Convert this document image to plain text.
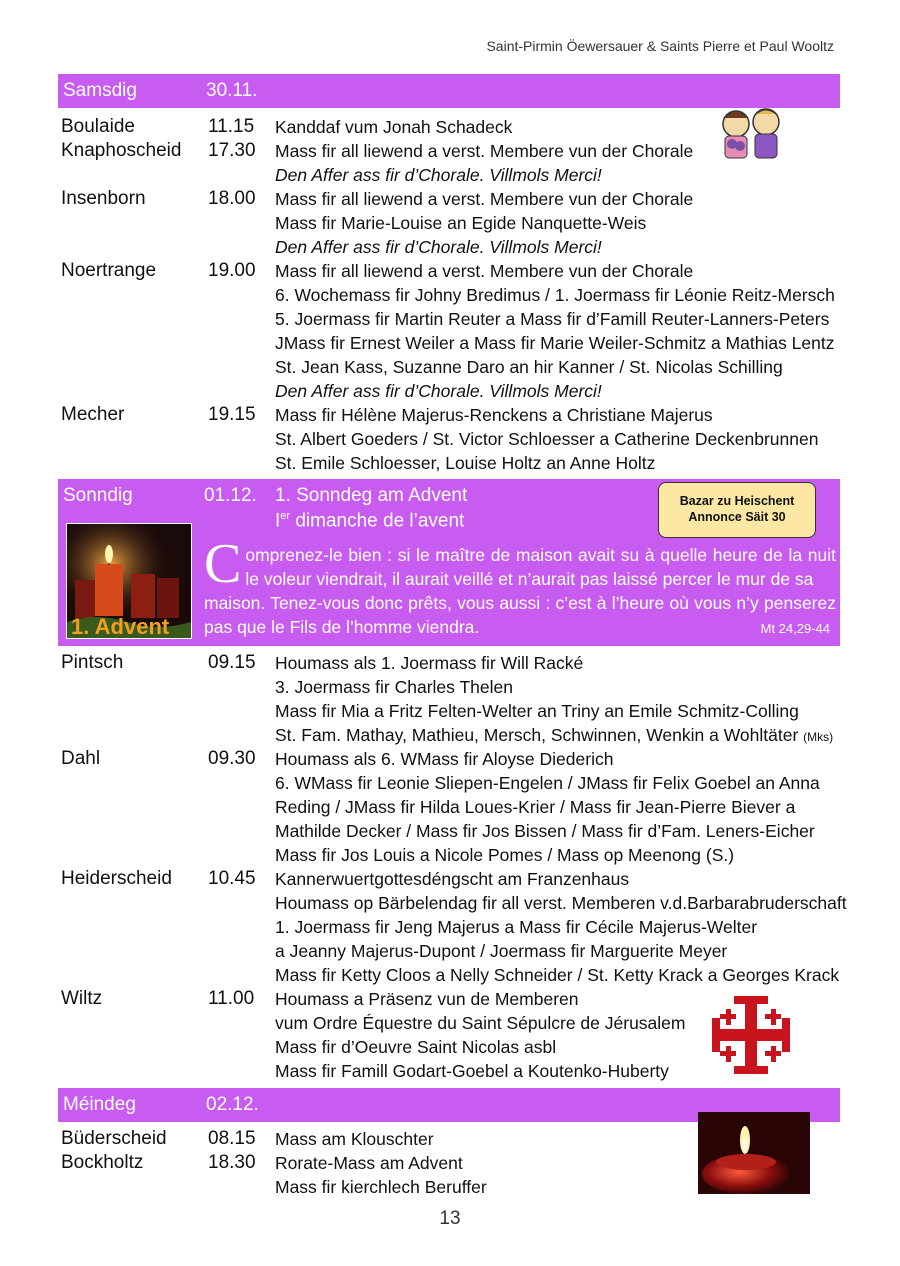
Saint-Pirmin Öewersauer & Saints Pierre et Paul Wooltz
Samsdig	30.11.
Boulaide	11.15 Kanddaf vum Jonah Schadeck
Knaphoscheid 17.30 Mass fir all liewend a verst. Membere vun der Chorale
Den Affer ass fir d’Chorale. Villmols Merci!
Insenborn	18.00 Mass fir all liewend a verst. Membere vun der Chorale
Mass fir Marie-Louise an Egide Nanquette-Weis
Den Affer ass fir d’Chorale. Villmols Merci!
Noertrange	19.00 Mass fir all liewend a verst. Membere vun der Chorale
6. Wochemass fir Johny Bredimus / 1. Joermass fir Léonie Reitz-Mersch
5. Joermass fir Martin Reuter a Mass fir d’Famill Reuter-Lanners-Peters
JMass fir Ernest Weiler a Mass fir Marie Weiler-Schmitz a Mathias Lentz
St. Jean Kass, Suzanne Daro an hir Kanner / St. Nicolas Schilling
Den Affer ass fir d’Chorale. Villmols Merci!
Mecher	19.15 Mass fir Hélène Majerus-Renckens a Christiane Majerus
St. Albert Goeders / St. Victor Schloesser a Catherine Deckenbrunnen
St. Emile Schloesser, Louise Holtz an Anne Holtz
Sonndig	01.12. 1. Sonndeg am Advent
Ier dimanche de l’avent
Bazar zu Heischent
Annonce Säit 30
1. Advent
Comprenez-le bien : si le maître de maison avait su à quelle heure de la nuit le voleur viendrait, il aurait veillé et n’aurait pas laissé percer le mur de sa
maison. Tenez-vous donc prêts, vous aussi : c’est à l’heure où vous n’y penserez pas que le Fils de l’homme viendra.	Mt 24,29-44
Pintsch	09.15 Houmass als 1. Joermass fir Will Racké
3. Joermass fir Charles Thelen
Mass fir Mia a Fritz Felten-Welter an Triny an Emile Schmitz-Colling
St. Fam. Mathay, Mathieu, Mersch, Schwinnen, Wenkin a Wohltäter (Mks)
Dahl	09.30 Houmass als 6. WMass fir Aloyse Diederich
6. WMass fir Leonie Sliepen-Engelen / JMass fir Felix Goebel an Anna
Reding / JMass fir Hilda Loues-Krier / Mass fir Jean-Pierre Biever a
Mathilde Decker / Mass fir Jos Bissen / Mass fir d’Fam. Leners-Eicher
Mass fir Jos Louis a Nicole Pomes / Mass op Meenong (S.)
Heiderscheid 10.45 Kannerwuertgottesdéngscht am Franzenhaus
Houmass op Bärbelendag fir all verst. Memberen v.d.Barbarabruderschaft
1. Joermass fir Jeng Majerus a Mass fir Cécile Majerus-Welter
a Jeanny Majerus-Dupont / Joermass fir Marguerite Meyer
Mass fir Ketty Cloos a Nelly Schneider / St. Ketty Krack a Georges Krack
Wiltz	11.00 Houmass a Präsenz vun de Memberen
vum Ordre Équestre du Saint Sépulcre de Jérusalem
Mass fir d’Oeuvre Saint Nicolas asbl
Mass fir Famill Godart-Goebel a Koutenko-Huberty
Méindeg	02.12.
Büderscheid 08.15 Mass am Klouschter
Bockholtz	18.30 Rorate-Mass am Advent
Mass fir kierchlech Beruffer
13
